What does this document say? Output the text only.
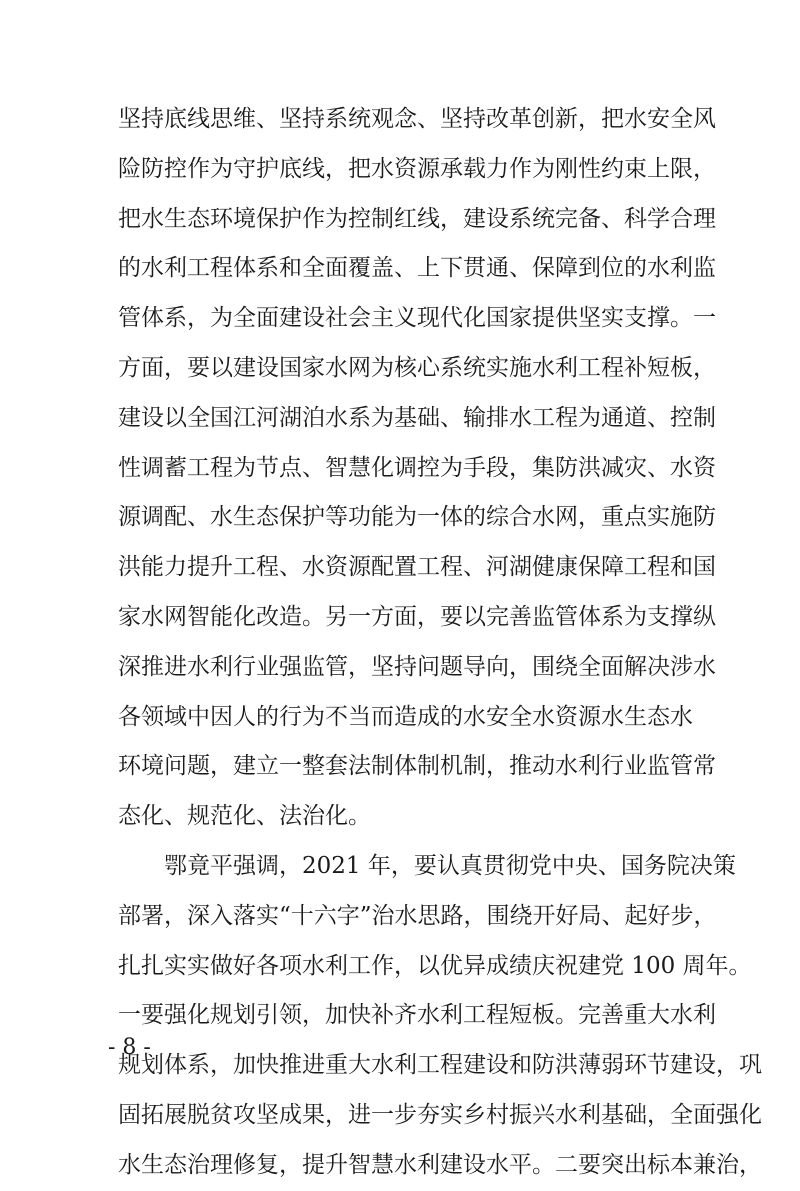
坚持底线思维、坚持系统观念、坚持改革创新，把水安全风
险防控作为守护底线，把水资源承载力作为刚性约束上限，
把水生态环境保护作为控制红线，建设系统完备、科学合理
的水利工程体系和全面覆盖、上下贯通、保障到位的水利监
管体系，为全面建设社会主义现代化国家提供坚实支撑。一
方面，要以建设国家水网为核心系统实施水利工程补短板，
建设以全国江河湖泊水系为基础、输排水工程为通道、控制
性调蓄工程为节点、智慧化调控为手段，集防洪减灾、水资
源调配、水生态保护等功能为一体的综合水网，重点实施防
洪能力提升工程、水资源配置工程、河湖健康保障工程和国
家水网智能化改造。另一方面，要以完善监管体系为支撑纵
深推进水利行业强监管，坚持问题导向，围绕全面解决涉水
各领域中因人的行为不当而造成的水安全水资源水生态水
环境问题，建立一整套法制体制机制，推动水利行业监管常
态化、规范化、法治化。
鄂竟平强调，2021 年，要认真贯彻党中央、国务院决策
部署，深入落实“十六字”治水思路，围绕开好局、起好步，
扎扎实实做好各项水利工作，以优异成绩庆祝建党 100 周年。
一要强化规划引领，加快补齐水利工程短板。完善重大水利
规划体系，加快推进重大水利工程建设和防洪薄弱环节建设，巩
固拓展脱贫攻坚成果，进一步夯实乡村振兴水利基础，全面强化
水生态治理修复，提升智慧水利建设水平。二要突出标本兼治，
- 8 -
